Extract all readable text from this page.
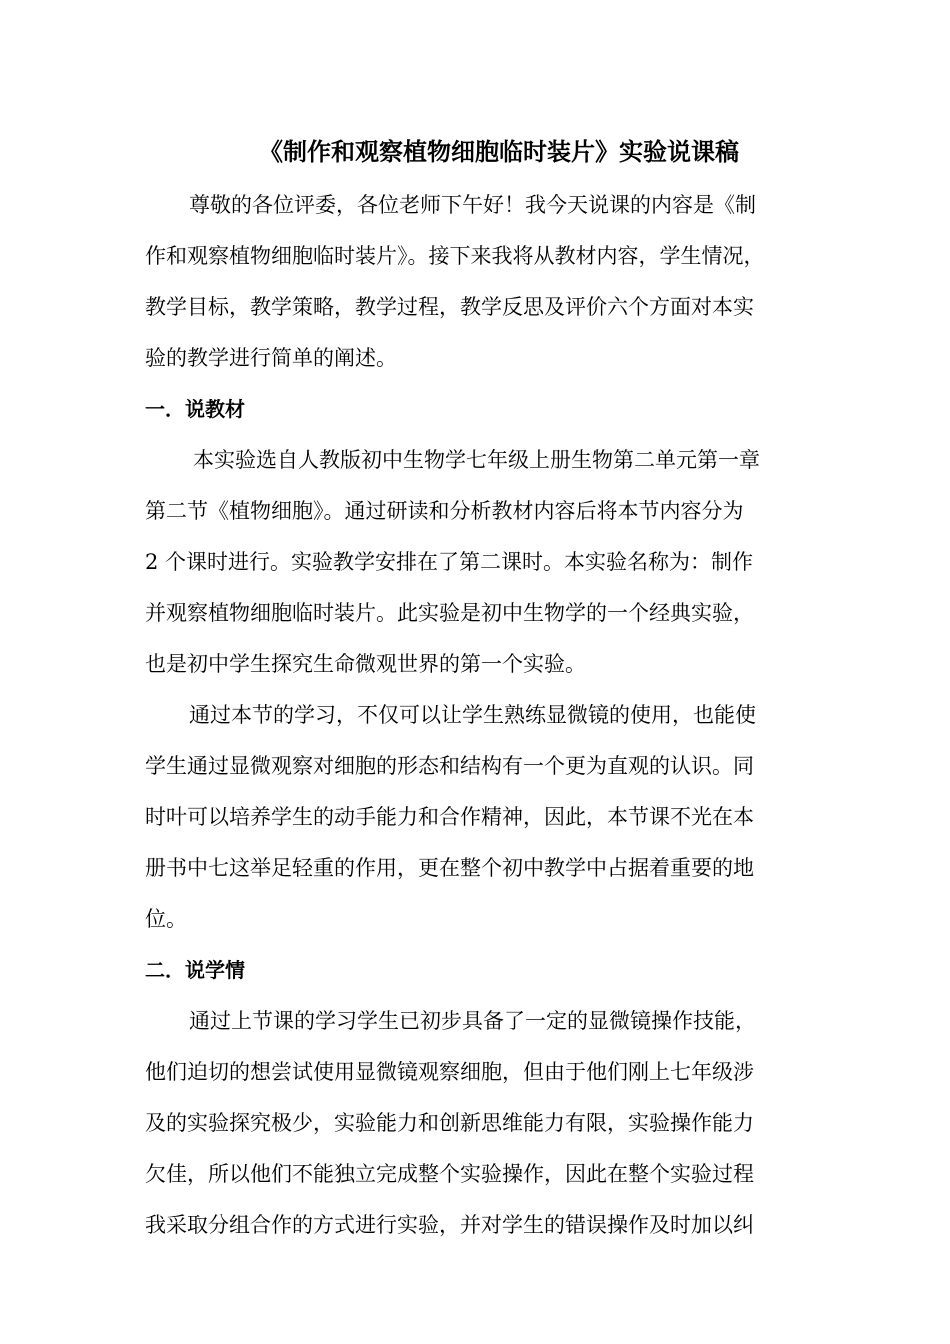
《制作和观察植物细胞临时装片》实验说课稿

尊敬的各位评委，各位老师下午好！我今天说课的内容是《制

作和观察植物细胞临时装片》。接下来我将从教材内容，学生情况，

教学目标，教学策略，教学过程，教学反思及评价六个方面对本实

验的教学进行简单的阐述。

一．说教材

本实验选自人教版初中生物学七年级上册生物第二单元第一章

第二节《植物细胞》。通过研读和分析教材内容后将本节内容分为

2 个课时进行。实验教学安排在了第二课时。本实验名称为：制作

并观察植物细胞临时装片。此实验是初中生物学的一个经典实验，

也是初中学生探究生命微观世界的第一个实验。

通过本节的学习，不仅可以让学生熟练显微镜的使用，也能使

学生通过显微观察对细胞的形态和结构有一个更为直观的认识。同

时叶可以培养学生的动手能力和合作精神，因此，本节课不光在本

册书中七这举足轻重的作用，更在整个初中教学中占据着重要的地

位。

二．说学情

通过上节课的学习学生已初步具备了一定的显微镜操作技能，

他们迫切的想尝试使用显微镜观察细胞，但由于他们刚上七年级涉

及的实验探究极少，实验能力和创新思维能力有限，实验操作能力

欠佳，所以他们不能独立完成整个实验操作，因此在整个实验过程

我采取分组合作的方式进行实验，并对学生的错误操作及时加以纠
